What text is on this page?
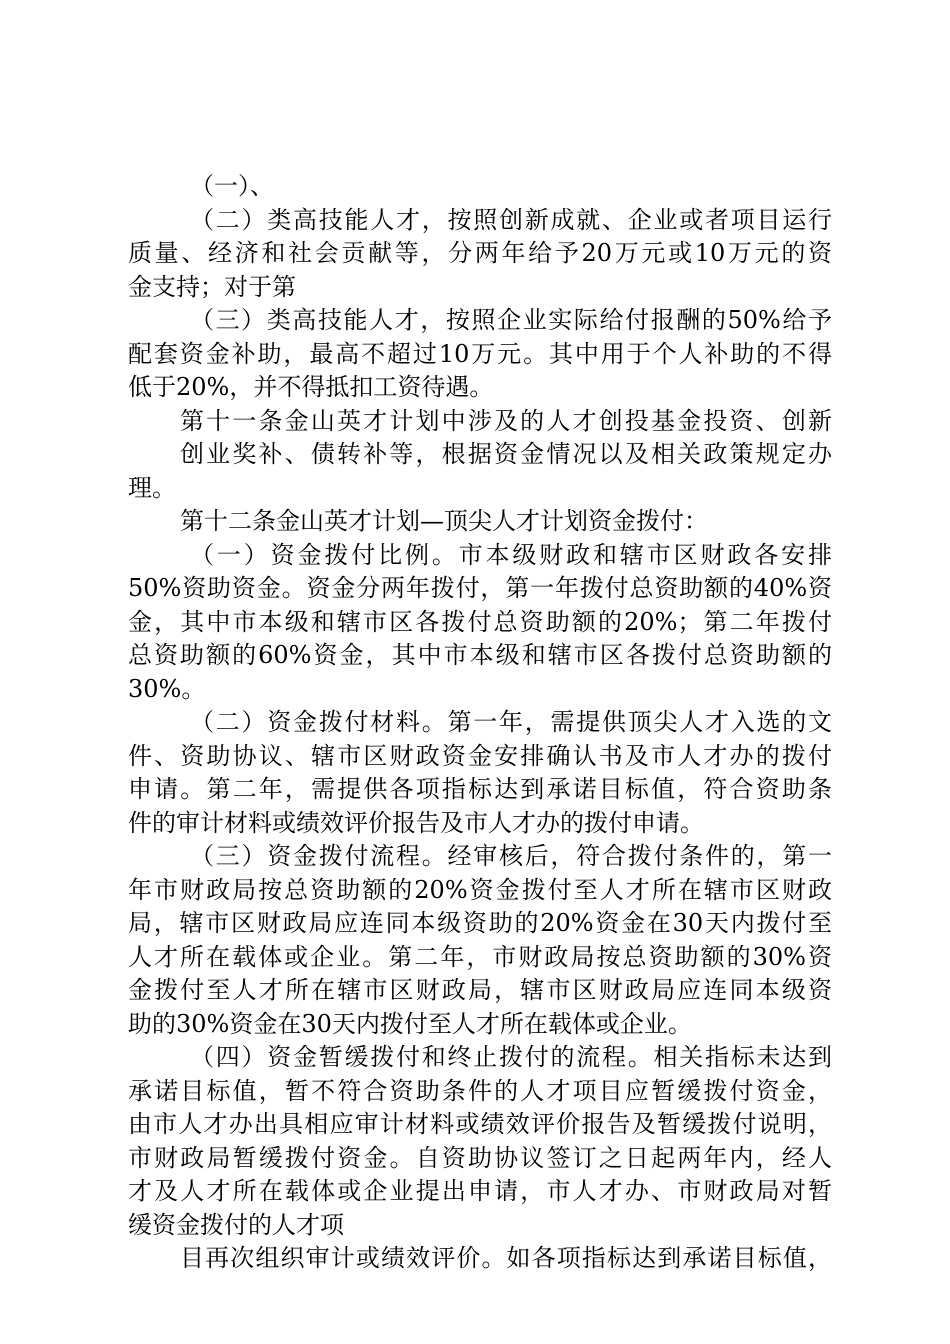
（一）、
（二）类高技能人才，按照创新成就、企业或者项目运行
质量、经济和社会贡献等，分两年给予20万元或10万元的资
金支持；对于第
（三）类高技能人才，按照企业实际给付报酬的50%给予
配套资金补助，最高不超过10万元。其中用于个人补助的不得
低于20%，并不得抵扣工资待遇。
第十一条金山英才计划中涉及的人才创投基金投资、创新
创业奖补、债转补等，根据资金情况以及相关政策规定办
理。
第十二条金山英才计划—顶尖人才计划资金拨付：
（一）资金拨付比例。市本级财政和辖市区财政各安排
50%资助资金。资金分两年拨付，第一年拨付总资助额的40%资
金，其中市本级和辖市区各拨付总资助额的20%；第二年拨付
总资助额的60%资金，其中市本级和辖市区各拨付总资助额的
30%。
（二）资金拨付材料。第一年，需提供顶尖人才入选的文
件、资助协议、辖市区财政资金安排确认书及市人才办的拨付
申请。第二年，需提供各项指标达到承诺目标值，符合资助条
件的审计材料或绩效评价报告及市人才办的拨付申请。
（三）资金拨付流程。经审核后，符合拨付条件的，第一
年市财政局按总资助额的20%资金拨付至人才所在辖市区财政
局，辖市区财政局应连同本级资助的20%资金在30天内拨付至
人才所在载体或企业。第二年，市财政局按总资助额的30%资
金拨付至人才所在辖市区财政局，辖市区财政局应连同本级资
助的30%资金在30天内拨付至人才所在载体或企业。
（四）资金暂缓拨付和终止拨付的流程。相关指标未达到
承诺目标值，暂不符合资助条件的人才项目应暂缓拨付资金，
由市人才办出具相应审计材料或绩效评价报告及暂缓拨付说明，
市财政局暂缓拨付资金。自资助协议签订之日起两年内，经人
才及人才所在载体或企业提出申请，市人才办、市财政局对暂
缓资金拨付的人才项
目再次组织审计或绩效评价。如各项指标达到承诺目标值，
